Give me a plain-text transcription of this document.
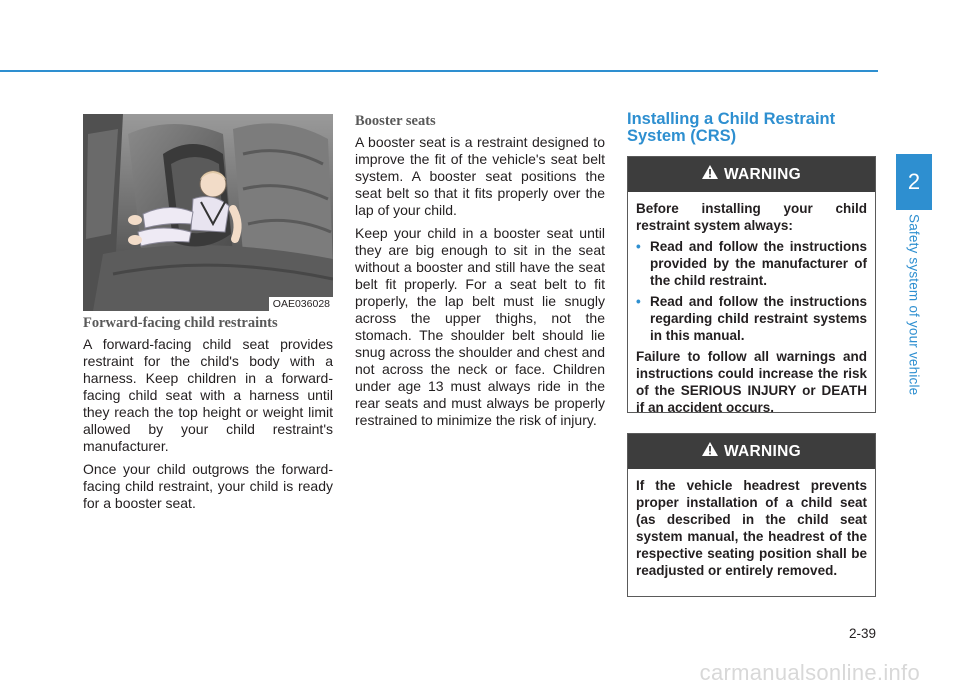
OAE036028
Forward-facing child restraints

A forward-facing child seat provides restraint for the child's body with a harness. Keep children in a forward-facing child seat with a harness until they reach the top height or weight limit allowed by your child restraint's manufacturer.

Once your child outgrows the forward-facing child restraint, your child is ready for a booster seat.

Booster seats

A booster seat is a restraint designed to improve the fit of the vehicle's seat belt system. A booster seat positions the seat belt so that it fits properly over the lap of your child.

Keep your child in a booster seat until they are big enough to sit in the seat without a booster and still have the seat belt fit properly. For a seat belt to fit properly, the lap belt must lie snugly across the upper thighs, not the stomach. The shoulder belt should lie snug across the shoulder and chest and not across the neck or face. Children under age 13 must always ride in the rear seats and must always be properly restrained to minimize the risk of injury.

Installing a Child Restraint
System (CRS)
WARNING

Before installing your child restraint system always:

• Read and follow the instructions provided by the manufacturer of the child restraint.
• Read and follow the instructions regarding child restraint systems in this manual.

Failure to follow all warnings and instructions could increase the risk of the SERIOUS INJURY or DEATH if an accident occurs.

WARNING

If the vehicle headrest prevents proper installation of a child seat (as described in the child seat system manual, the headrest of the respective seating position shall be readjusted or entirely removed.

2
Safety system of your vehicle
2-39
carmanualsonline.info
